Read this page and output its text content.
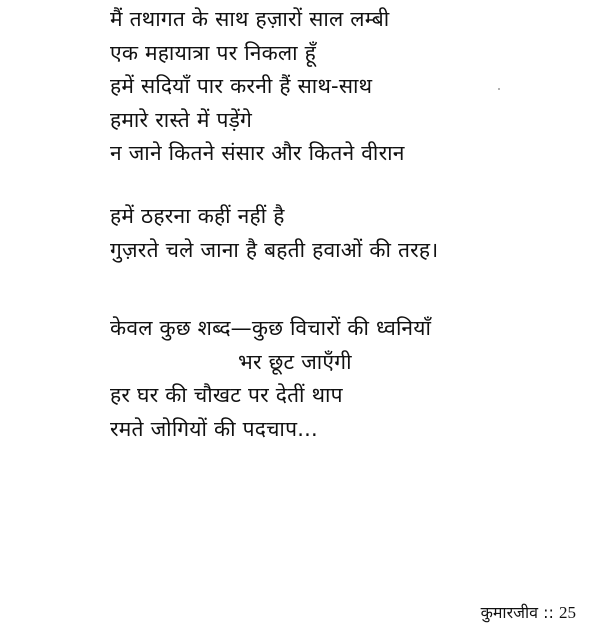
मैं तथागत के साथ हज़ारों साल लम्बी
एक महायात्रा पर निकला हूँ
हमें सदियाँ पार करनी हैं साथ-साथ
हमारे रास्ते में पड़ेंगे
न जाने कितने संसार और कितने वीरान
हमें ठहरना कहीं नहीं है
गुज़रते चले जाना है बहती हवाओं की तरह।
केवल कुछ शब्द—कुछ विचारों की ध्वनियाँ
भर छूट जाएँगी
हर घर की चौखट पर देतीं थाप
रमते जोगियों की पदचाप...
कुमारजीव :: 25
